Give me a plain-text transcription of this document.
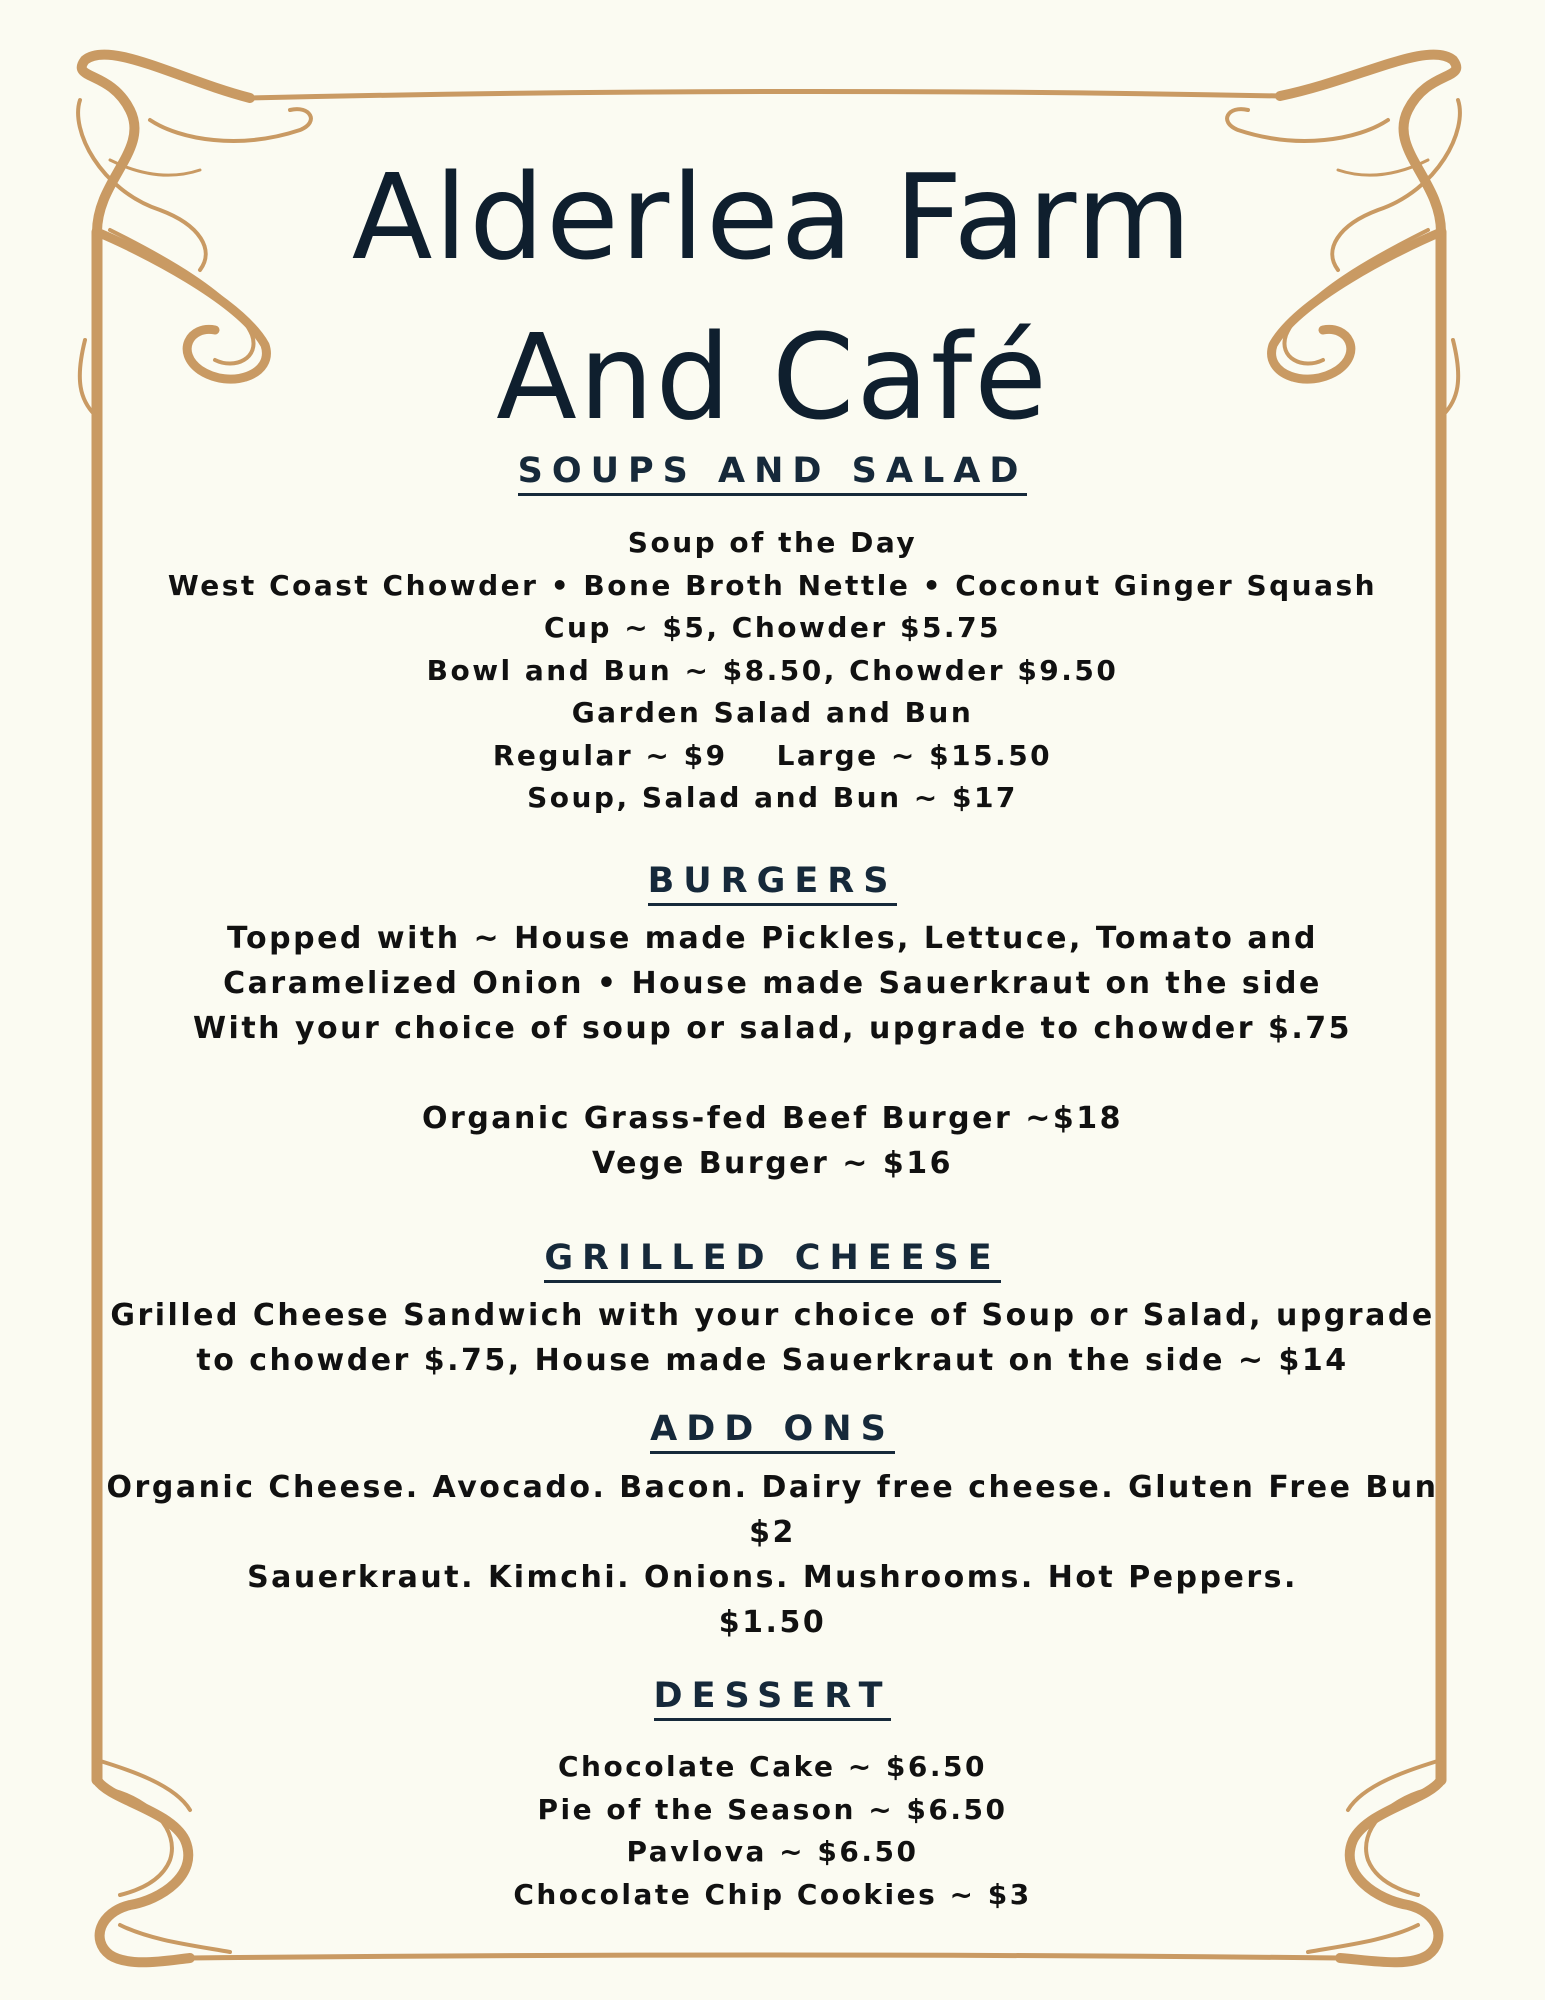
Alderlea Farm
And Café
SOUPS AND SALAD
Soup of the Day
West Coast Chowder • Bone Broth Nettle • Coconut Ginger Squash
Cup ~ $5, Chowder $5.75
Bowl and Bun ~ $8.50, Chowder $9.50
Garden Salad and Bun
Regular ~ $9    Large ~ $15.50
Soup, Salad and Bun ~ $17
BURGERS
Topped with ~ House made Pickles, Lettuce, Tomato and
Caramelized Onion • House made Sauerkraut on the side
With your choice of soup or salad, upgrade to chowder $.75
Organic Grass-fed Beef Burger ~$18
Vege Burger ~ $16
GRILLED CHEESE
Grilled Cheese Sandwich with your choice of Soup or Salad, upgrade
to chowder $.75, House made Sauerkraut on the side ~ $14
ADD ONS
Organic Cheese. Avocado. Bacon. Dairy free cheese. Gluten Free Bun
$2
Sauerkraut. Kimchi. Onions. Mushrooms. Hot Peppers.
$1.50
DESSERT
Chocolate Cake ~ $6.50
Pie of the Season ~ $6.50
Pavlova ~ $6.50
Chocolate Chip Cookies ~ $3
